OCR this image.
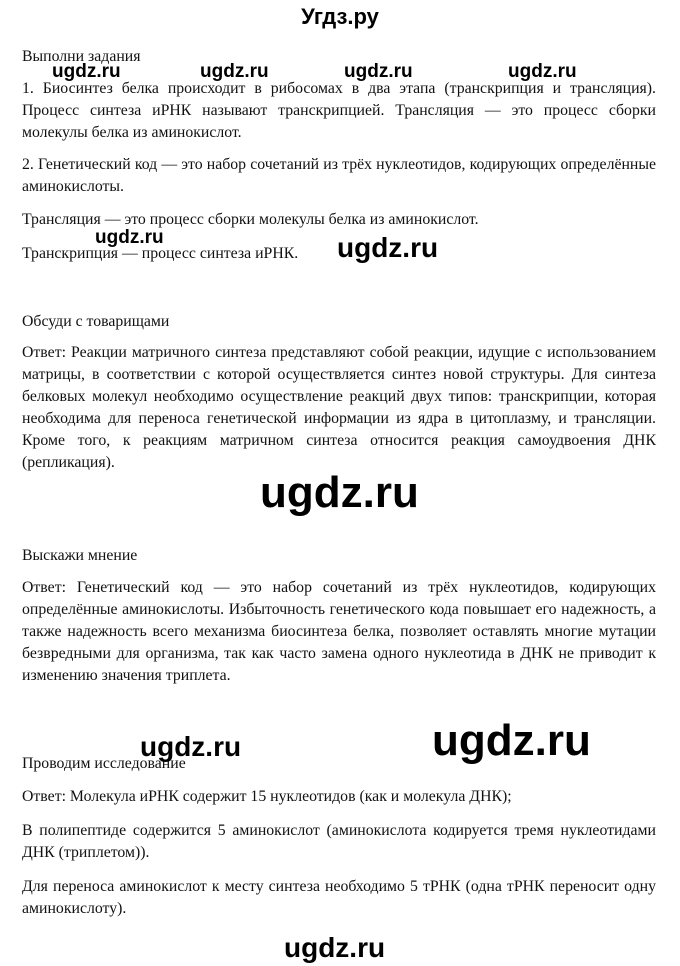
Угдз.ру

Выполни задания

1. Биосинтез белка происходит в рибосомах в два этапа (транскрипция и трансляция). Процесс синтеза иРНК называют транскрипцией. Трансляция — это процесс сборки молекулы белка из аминокислот.

2. Генетический код — это набор сочетаний из трёх нуклеотидов, кодирующих определённые аминокислоты.

Трансляция — это процесс сборки молекулы белка из аминокислот.

Транскрипция — процесс синтеза иРНК.

Обсуди с товарищами

Ответ: Реакции матричного синтеза представляют собой реакции, идущие с использованием матрицы, в соответствии с которой осуществляется синтез новой структуры. Для синтеза белковых молекул необходимо осуществление реакций двух типов: транскрипции, которая необходима для переноса генетической информации из ядра в цитоплазму, и трансляции. Кроме того, к реакциям матричном синтеза относится реакция самоудвоения ДНК (репликация).

Выскажи мнение

Ответ: Генетический код — это набор сочетаний из трёх нуклеотидов, кодирующих определённые аминокислоты. Избыточность генетического кода повышает его надежность, а также надежность всего механизма биосинтеза белка, позволяет оставлять многие мутации безвредными для организма, так как часто замена одного нуклеотида в ДНК не приводит к изменению значения триплета.

Проводим исследование

Ответ: Молекула иРНК содержит 15 нуклеотидов (как и молекула ДНК);

В полипептиде содержится 5 аминокислот (аминокислота кодируется тремя нуклеотидами ДНК (триплетом)).

Для переноса аминокислот к месту синтеза необходимо 5 тРНК (одна тРНК переносит одну аминокислоту).

ugdz.ru	ugdz.ru	ugdz.ru	ugdz.ru
ugdz.ru	ugdz.ru
ugdz.ru
ugdz.ru	ugdz.ru
ugdz.ru
